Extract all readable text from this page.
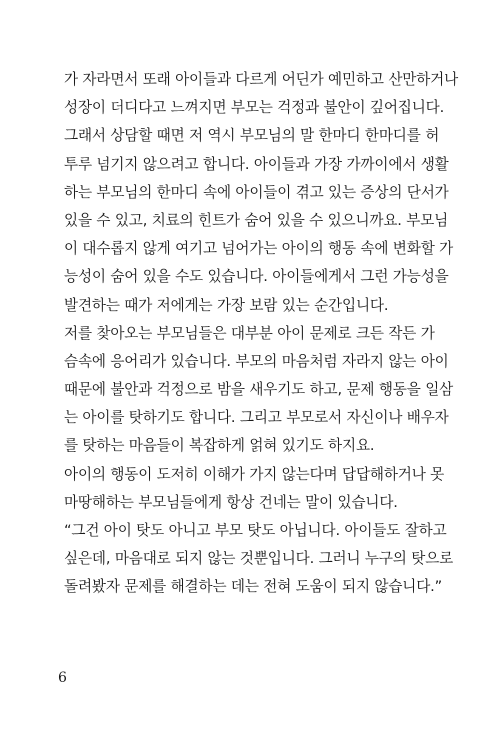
가 자라면서 또래 아이들과 다르게 어딘가 예민하고 산만하거나
성장이 더디다고 느껴지면 부모는 걱정과 불안이 깊어집니다.
그래서 상담할 때면 저 역시 부모님의 말 한마디 한마디를 허
투루 넘기지 않으려고 합니다. 아이들과 가장 가까이에서 생활
하는 부모님의 한마디 속에 아이들이 겪고 있는 증상의 단서가
있을 수 있고, 치료의 힌트가 숨어 있을 수 있으니까요. 부모님
이 대수롭지 않게 여기고 넘어가는 아이의 행동 속에 변화할 가
능성이 숨어 있을 수도 있습니다. 아이들에게서 그런 가능성을
발견하는 때가 저에게는 가장 보람 있는 순간입니다.
저를 찾아오는 부모님들은 대부분 아이 문제로 크든 작든 가
슴속에 응어리가 있습니다. 부모의 마음처럼 자라지 않는 아이
때문에 불안과 걱정으로 밤을 새우기도 하고, 문제 행동을 일삼
는 아이를 탓하기도 합니다. 그리고 부모로서 자신이나 배우자
를 탓하는 마음들이 복잡하게 얽혀 있기도 하지요.
아이의 행동이 도저히 이해가 가지 않는다며 답답해하거나 못
마땅해하는 부모님들에게 항상 건네는 말이 있습니다.
“그건 아이 탓도 아니고 부모 탓도 아닙니다. 아이들도 잘하고
싶은데, 마음대로 되지 않는 것뿐입니다. 그러니 누구의 탓으로
돌려봤자 문제를 해결하는 데는 전혀 도움이 되지 않습니다.”
6
